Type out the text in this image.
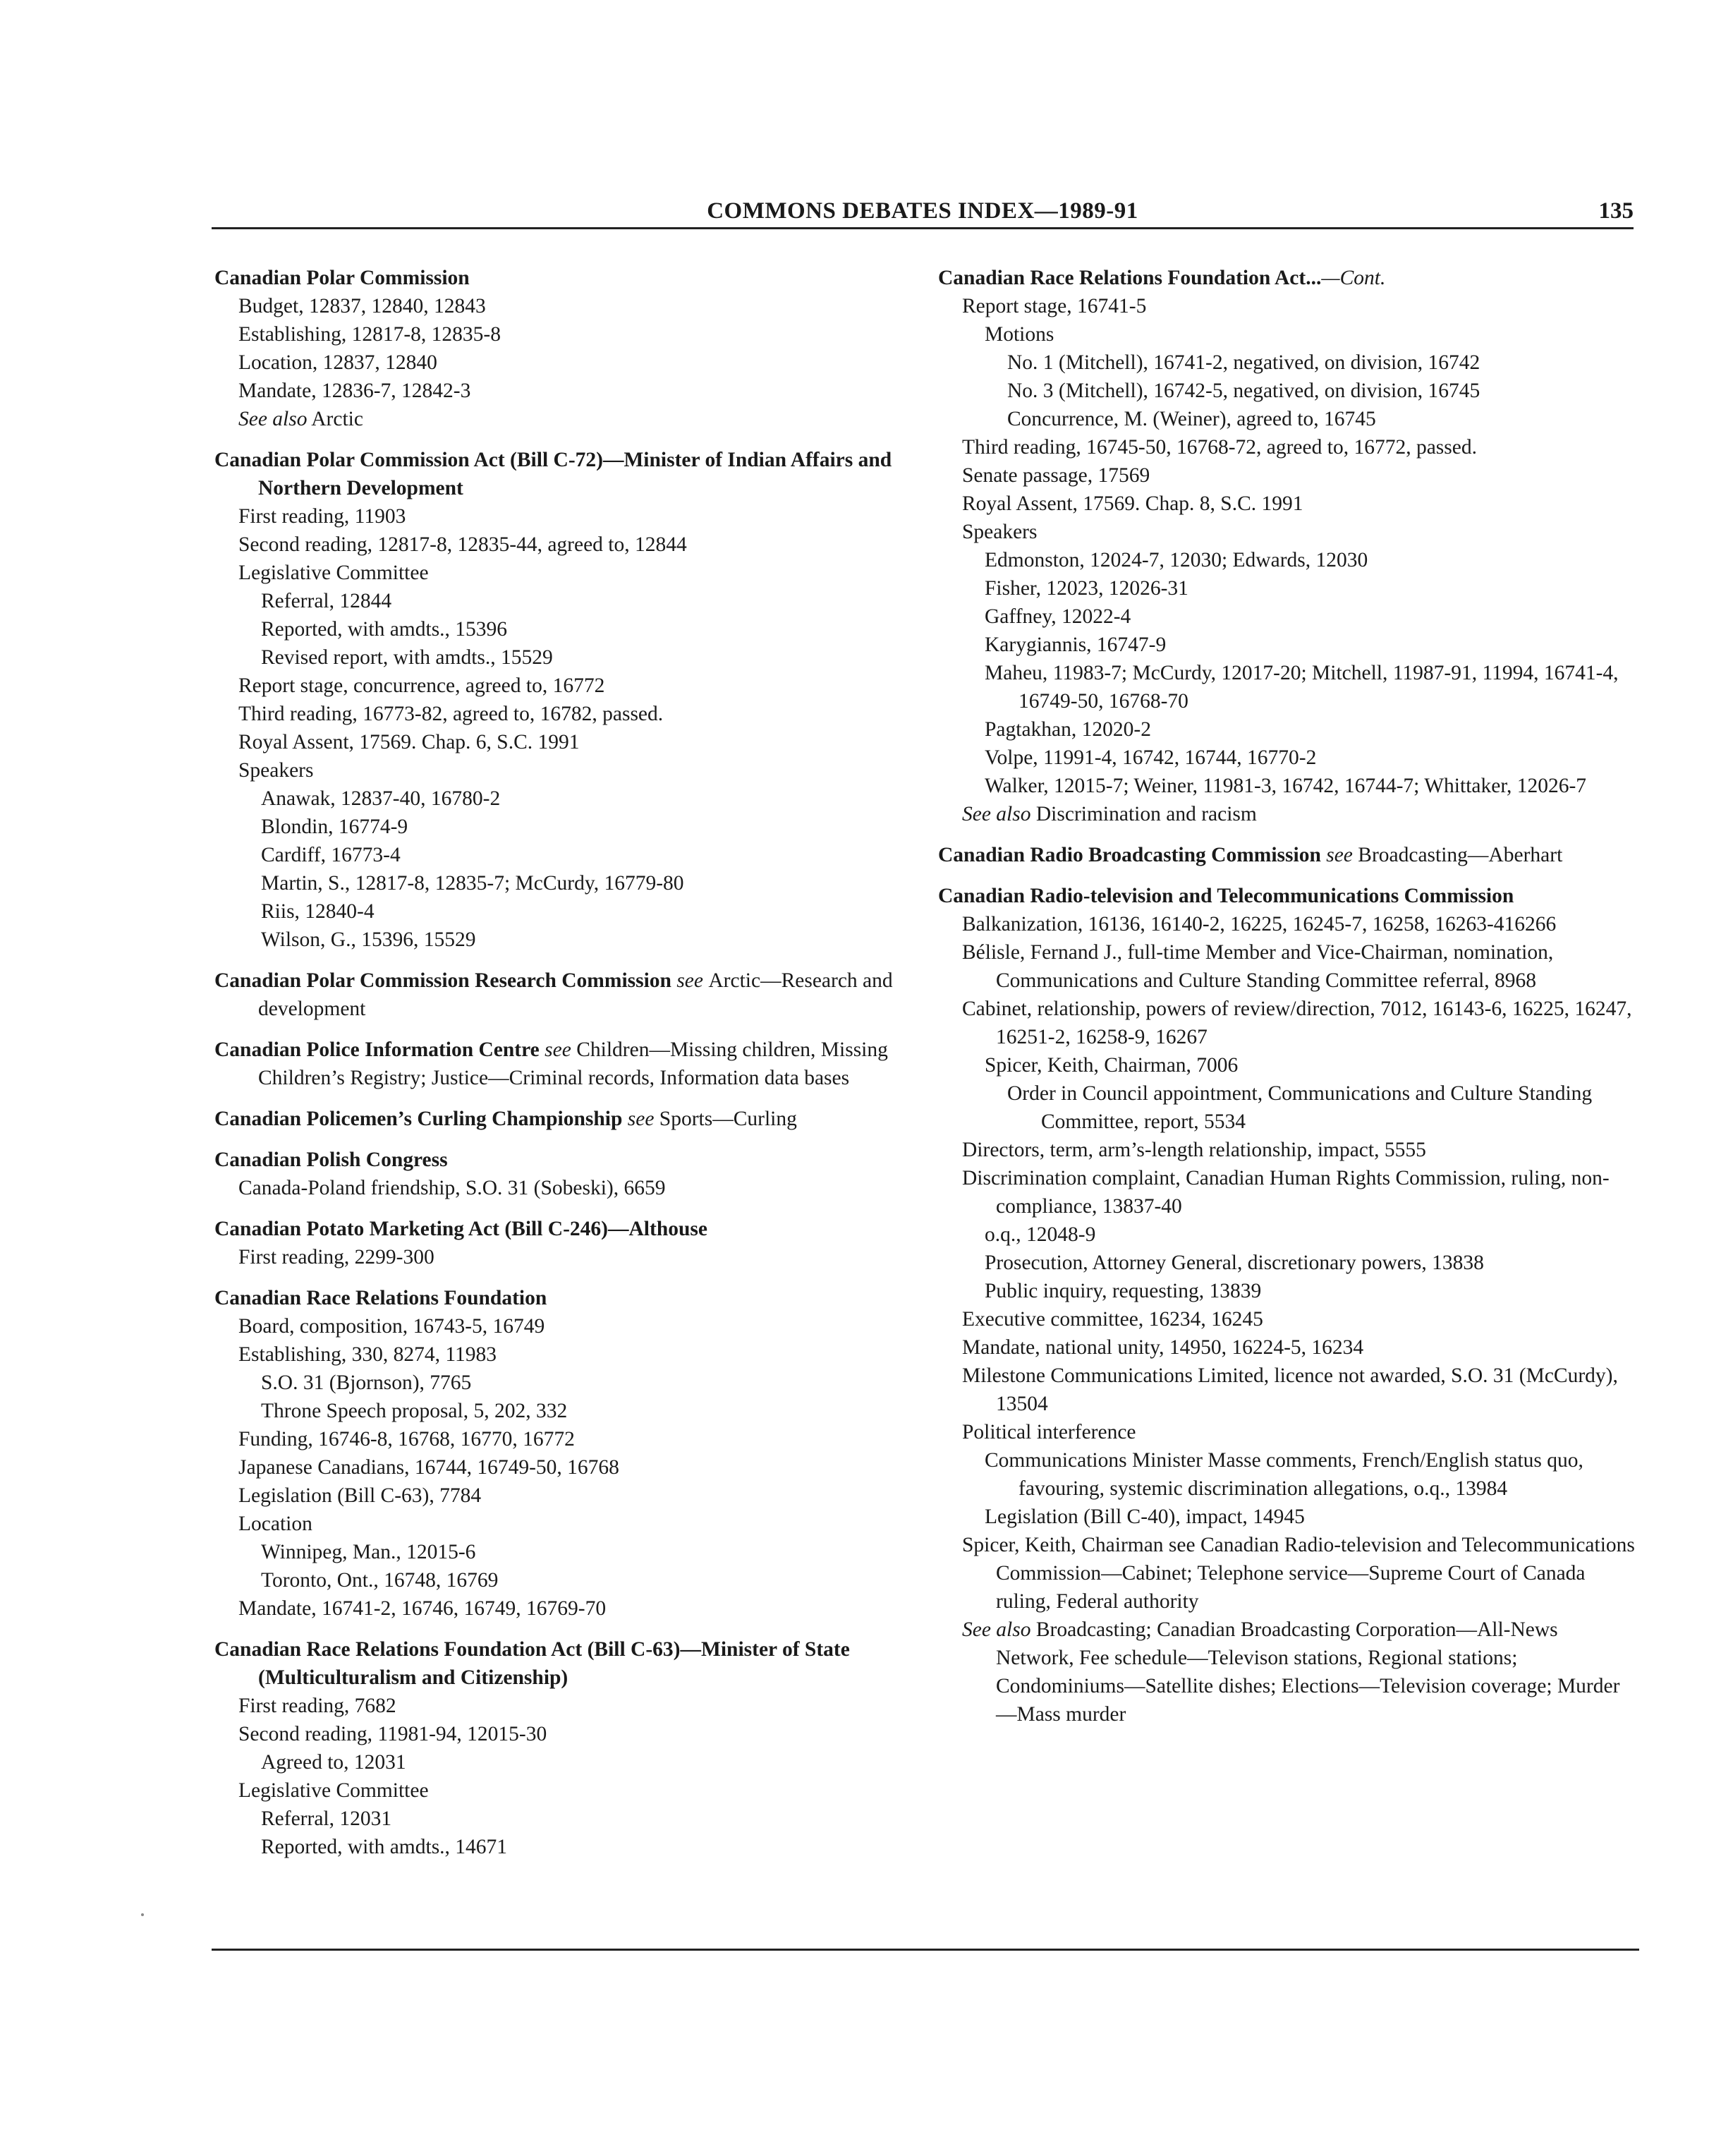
COMMONS DEBATES INDEX—1989-91	135
Canadian Polar Commission
Budget, 12837, 12840, 12843
Establishing, 12817-8, 12835-8
Location, 12837, 12840
Mandate, 12836-7, 12842-3
See also Arctic
Canadian Polar Commission Act (Bill C-72)—Minister of Indian Affairs and Northern Development
First reading, 11903
Second reading, 12817-8, 12835-44, agreed to, 12844
Legislative Committee
Referral, 12844
Reported, with amdts., 15396
Revised report, with amdts., 15529
Report stage, concurrence, agreed to, 16772
Third reading, 16773-82, agreed to, 16782, passed.
Royal Assent, 17569. Chap. 6, S.C. 1991
Speakers
Anawak, 12837-40, 16780-2
Blondin, 16774-9
Cardiff, 16773-4
Martin, S., 12817-8, 12835-7; McCurdy, 16779-80
Riis, 12840-4
Wilson, G., 15396, 15529
Canadian Polar Commission Research Commission see Arctic—Research and development
Canadian Police Information Centre see Children—Missing children, Missing Children’s Registry; Justice—Criminal records, Information data bases
Canadian Policemen’s Curling Championship see Sports—Curling
Canadian Polish Congress
Canada-Poland friendship, S.O. 31 (Sobeski), 6659
Canadian Potato Marketing Act (Bill C-246)—Althouse
First reading, 2299-300
Canadian Race Relations Foundation
Board, composition, 16743-5, 16749
Establishing, 330, 8274, 11983
S.O. 31 (Bjornson), 7765
Throne Speech proposal, 5, 202, 332
Funding, 16746-8, 16768, 16770, 16772
Japanese Canadians, 16744, 16749-50, 16768
Legislation (Bill C-63), 7784
Location
Winnipeg, Man., 12015-6
Toronto, Ont., 16748, 16769
Mandate, 16741-2, 16746, 16749, 16769-70
Canadian Race Relations Foundation Act (Bill C-63)—Minister of State (Multiculturalism and Citizenship)
First reading, 7682
Second reading, 11981-94, 12015-30
Agreed to, 12031
Legislative Committee
Referral, 12031
Reported, with amdts., 14671
Canadian Race Relations Foundation Act...—Cont.
Report stage, 16741-5
Motions
No. 1 (Mitchell), 16741-2, negatived, on division, 16742
No. 3 (Mitchell), 16742-5, negatived, on division, 16745
Concurrence, M. (Weiner), agreed to, 16745
Third reading, 16745-50, 16768-72, agreed to, 16772, passed.
Senate passage, 17569
Royal Assent, 17569. Chap. 8, S.C. 1991
Speakers
Edmonston, 12024-7, 12030; Edwards, 12030
Fisher, 12023, 12026-31
Gaffney, 12022-4
Karygiannis, 16747-9
Maheu, 11983-7; McCurdy, 12017-20; Mitchell, 11987-91, 11994, 16741-4, 16749-50, 16768-70
Pagtakhan, 12020-2
Volpe, 11991-4, 16742, 16744, 16770-2
Walker, 12015-7; Weiner, 11981-3, 16742, 16744-7; Whittaker, 12026-7
See also Discrimination and racism
Canadian Radio Broadcasting Commission see Broadcasting—Aberhart
Canadian Radio-television and Telecommunications Commission
Balkanization, 16136, 16140-2, 16225, 16245-7, 16258, 16263-416266
Bélisle, Fernand J., full-time Member and Vice-Chairman, nomination, Communications and Culture Standing Committee referral, 8968
Cabinet, relationship, powers of review/direction, 7012, 16143-6, 16225, 16247, 16251-2, 16258-9, 16267
Spicer, Keith, Chairman, 7006
Order in Council appointment, Communications and Culture Standing Committee, report, 5534
Directors, term, arm’s-length relationship, impact, 5555
Discrimination complaint, Canadian Human Rights Commission, ruling, non-compliance, 13837-40
o.q., 12048-9
Prosecution, Attorney General, discretionary powers, 13838
Public inquiry, requesting, 13839
Executive committee, 16234, 16245
Mandate, national unity, 14950, 16224-5, 16234
Milestone Communications Limited, licence not awarded, S.O. 31 (McCurdy), 13504
Political interference
Communications Minister Masse comments, French/English status quo, favouring, systemic discrimination allegations, o.q., 13984
Legislation (Bill C-40), impact, 14945
Spicer, Keith, Chairman see Canadian Radio-television and Telecommunications Commission—Cabinet; Telephone service—Supreme Court of Canada ruling, Federal authority
See also Broadcasting; Canadian Broadcasting Corporation—All-News Network, Fee schedule—Televison stations, Regional stations; Condominiums—Satellite dishes; Elections—Television coverage; Murder—Mass murder
